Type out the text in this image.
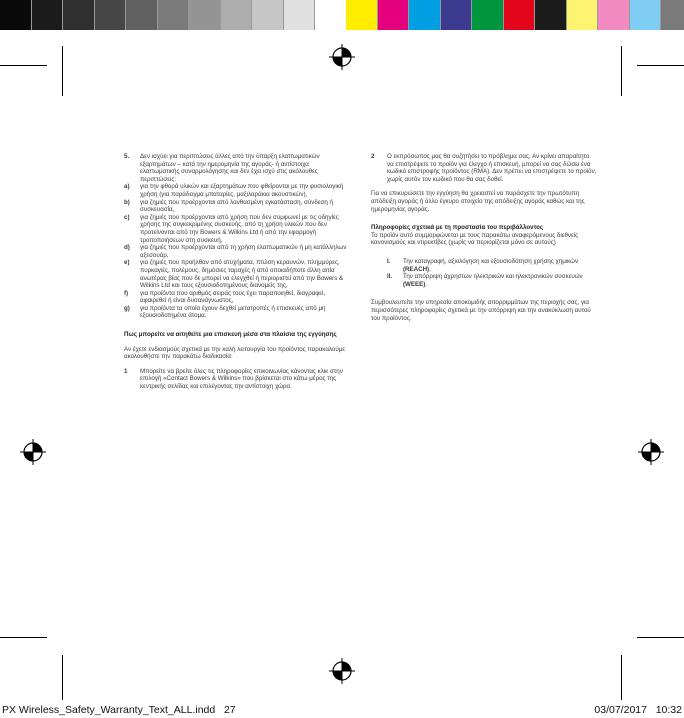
5. Δεν ισχύει για περιπτώσεις άλλες από την ύπαρξη ελαττωματικών εξαρτημάτων – κατά την ημερομηνία της αγοράς- ή αντίστοιχα ελαττωματικής συναρμολόγησης και δεν έχει ισχύ στις ακόλουθες περιπτώσεις:

a) για την φθορά υλικών και εξαρτημάτων που φθείρονται με την φυσιολογική χρήση (για παράδειγμα μπαταρίες, μαξιλαράκια ακουστικών),

b) για ζημιές που προέρχονται από λανθασμένη εγκατάσταση, σύνδεση ή συσκευασία,

c) για ζημιές που προέρχονται από χρήση που δεν συμφωνεί με τις οδηγίες χρήσης της συγκεκριμένης συσκευής, από τη χρήση υλικών που δεν προτείνονται από την Bowers & Wilkins Ltd ή από την εφαρμογή τροποποιήσεων στη συσκευή,

d) για ζημιές που προέρχονται από τη χρήση ελαττωματικών ή μη κατάλληλων αξεσουάρ,

e) για ζημιές που προήλθαν από ατυχήματα, πτώση κεραυνών, πλημμύρες, πυρκαγιές, πολέμους, δημόσιες ταραχές ή από οποιαδήποτε άλλη αιτία ανωτέρας βίας που δε μπορεί να ελεγχθεί ή περιοριστεί από την Bowers & Wilkins Ltd και τους εξουσιοδοτημένους διανομείς της,

f) για προϊόντα που αριθμός σειράς τους έχει παραποιηθεί, διαγραφεί, αφαιρεθεί ή είναι δυσανάγνωστος,

g) για προϊόντα τα οποία έχουν δεχθεί μετατροπές ή επισκευές από μη εξουσιοδοτημένα άτομα.

Πως μπορείτε να αιτηθείτε μια επισκευή μέσα στα πλαίσια της εγγύησης

Αν έχετε ενδιασμούς σχετικά με την καλή λειτουργία του προϊόντος παρακαλούμε ακολουθήστε την παρακάτω διαδικασία:

1 Μπορείτε να βρείτε όλες τις πληροφορίες επικοινωνίας κάνοντας κλικ στην επιλογή «Contact Bowers & Wilkins» που βρίσκεται στο κάτω μέρος της κεντρικής σελίδας και επιλέγοντας την αντίστοιχη χώρα.

2 Ο εκπρόσωπος μας θα συζητήσει το πρόβλημα σας. Αν κρίνει απαραίτητο να επιστρέψετε το προϊόν για έλεγχο ή επισκευή, μπορεί να σας δώσει ένα κωδικό επιστροφής προϊόντος (RMA). Δεν πρέπει να επιστρέψετε το προϊόν, χωρίς αυτόν τον κωδικό που θα σας δοθεί.

Για να επικυρώσετε την εγγύηση θα χρειαστεί να παράσχετε την πρωτότυπη απόδειξη αγοράς ή άλλο έγκυρο στοιχείο της απόδειξης αγοράς καθώς και της ημερομηνίας αγοράς.

Πληροφορίες σχετικά με τη προστασία του περιβάλλοντος

Το προϊόν αυτό συμμορφώνεται με τους παρακάτω αναφερόμενους διεθνείς κανονισμούς και ντιρεκτίβες (χωρίς να περιορίζεται μόνο σε αυτούς)

I. Την καταγραφή, αξιολόγηση και εξουσιοδότηση χρήσης χημικών (REACH),

II. Την απόρριψη άχρηστων ηλεκτρικών και ηλεκτρονικών συσκευών (WEEE).

Συμβουλευτείτε την υπηρεσία αποκομιδής απορριμμάτων της περιοχής σας, για περισσότερες πληροφορίες σχετικά με την απόρριψη και την ανακύκλωση αυτού του προϊόντος.

PX Wireless_Safety_Warranty_Text_ALL.indd   27	03/07/2017   10:32
